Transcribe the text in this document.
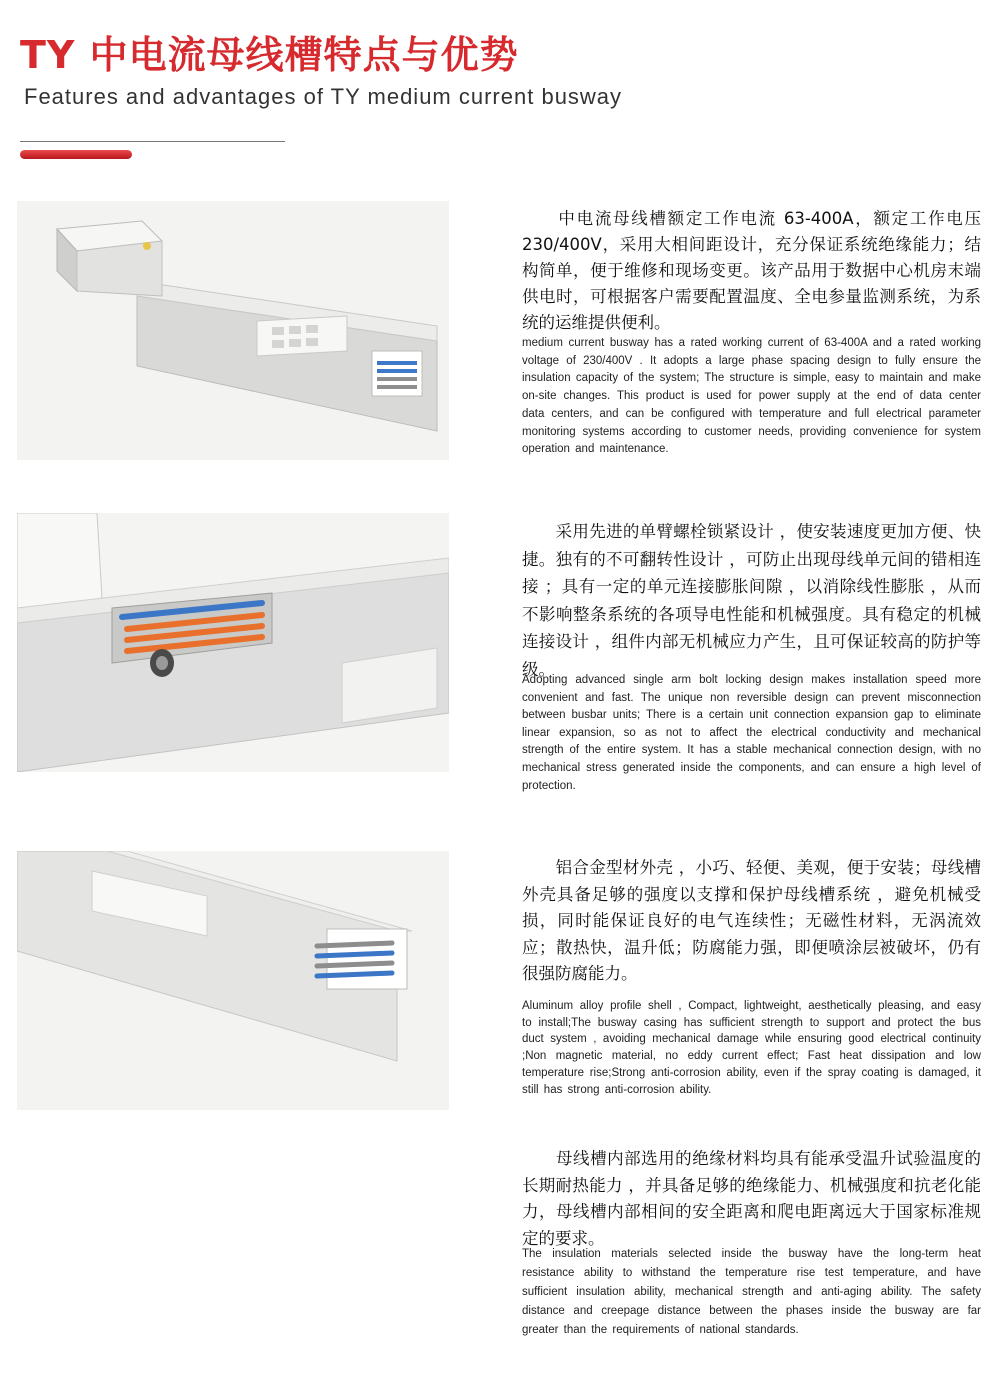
TY 中电流母线槽特点与优势
Features and advantages of TY medium current busway

　　中电流母线槽额定工作电流 63-400A，额定工作电压 230/400V，采用大相间距设计，充分保证系统绝缘能力；结构简单，便于维修和现场变更。该产品用于数据中心机房末端供电时，可根据客户需要配置温度、全电参量监测系统，为系统的运维提供便利。

medium current busway has a rated working current of 63-400A and a rated working voltage of 230/400V . It adopts a large phase spacing design to fully ensure the insulation capacity of the system; The structure is simple, easy to maintain and make on-site changes. This product is used for power supply at the end of data center data centers, and can be configured with temperature and full electrical parameter monitoring systems according to customer needs, providing convenience for system operation and maintenance.

　　采用先进的单臂螺栓锁紧设计 ，使安装速度更加方便、快捷。独有的不可翻转性设计 ，可防止出现母线单元间的错相连接 ；具有一定的单元连接膨胀间隙 ，以消除线性膨胀 ，从而不影响整条系统的各项导电性能和机械强度。具有稳定的机械连接设计 ，组件内部无机械应力产生，且可保证较高的防护等级。

Adopting advanced single arm bolt locking design makes installation speed more convenient and fast. The unique non reversible design can prevent misconnection between busbar units; There is a certain unit connection expansion gap to eliminate linear expansion, so as not to affect the electrical conductivity and mechanical strength of the entire system. It has a stable mechanical connection design, with no mechanical stress generated inside the components, and can ensure a high level of protection.

　　铝合金型材外壳 ，小巧、轻便、美观，便于安装；母线槽外壳具备足够的强度以支撑和保护母线槽系统 ，避免机械受损，同时能保证良好的电气连续性；无磁性材料，无涡流效应；散热快，温升低；防腐能力强，即便喷涂层被破坏，仍有很强防腐能力。

Aluminum alloy profile shell , Compact, lightweight, aesthetically pleasing, and easy to install;The busway casing has sufficient strength to support and protect the bus duct system , avoiding mechanical damage while ensuring good electrical continuity ;Non magnetic material, no eddy current effect; Fast heat dissipation and low temperature rise;Strong anti-corrosion ability, even if the spray coating is damaged, it still has strong anti-corrosion ability.

　　母线槽内部选用的绝缘材料均具有能承受温升试验温度的长期耐热能力 ，并具备足够的绝缘能力、机械强度和抗老化能力，母线槽内部相间的安全距离和爬电距离远大于国家标准规定的要求。

The insulation materials selected inside the busway have the long-term heat resistance ability to withstand the temperature rise test temperature, and have sufficient insulation ability, mechanical strength and anti-aging ability. The safety distance and creepage distance between the phases inside the busway are far greater than the requirements of national standards.
